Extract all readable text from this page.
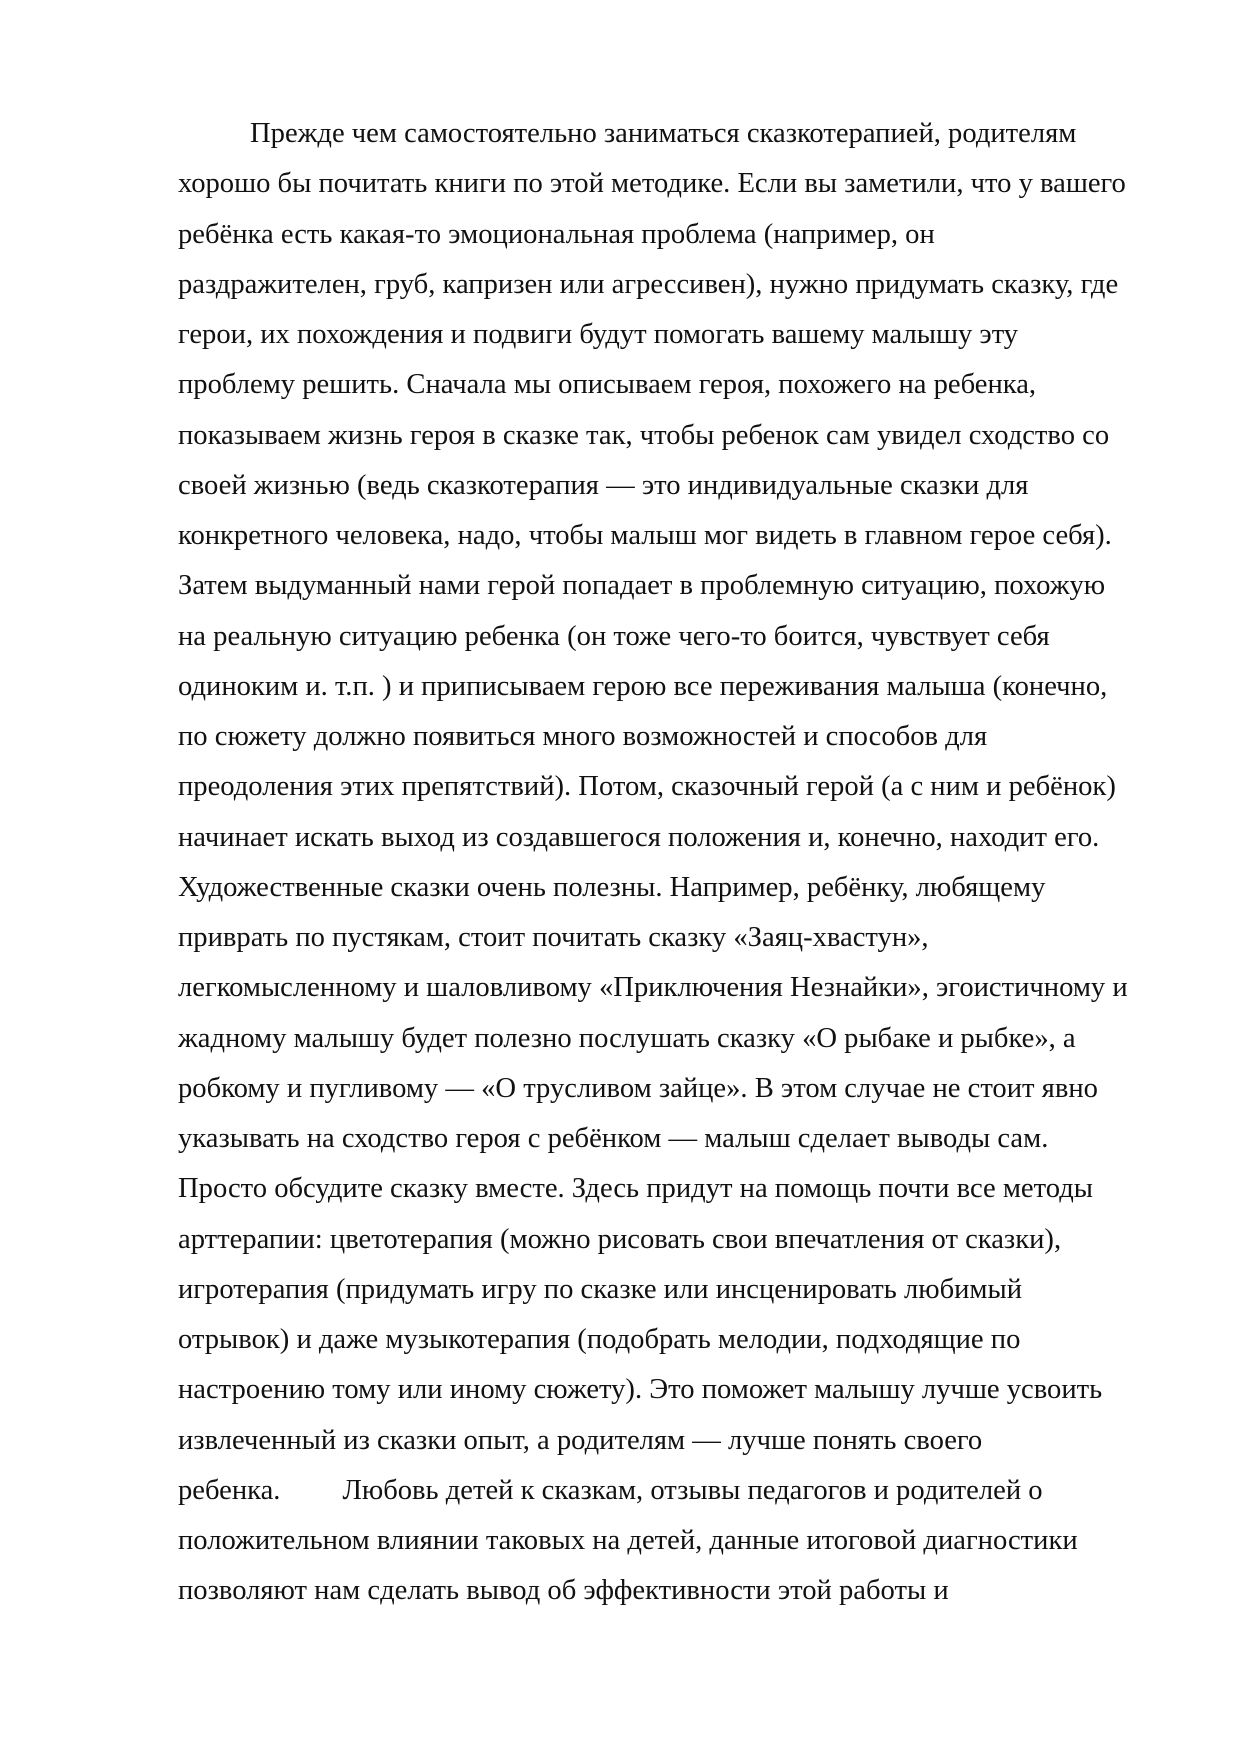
Прежде чем самостоятельно заниматься сказкотерапией, родителям
хорошо бы почитать книги по этой методике. Если вы заметили, что у вашего
ребёнка есть какая-то эмоциональная проблема (например, он
раздражителен, груб, капризен или агрессивен), нужно придумать сказку, где
герои, их похождения и подвиги будут помогать вашему малышу эту
проблему решить. Сначала мы описываем героя, похожего на ребенка,
показываем жизнь героя в сказке так, чтобы ребенок сам увидел сходство со
своей жизнью (ведь сказкотерапия — это индивидуальные сказки для
конкретного человека, надо, чтобы малыш мог видеть в главном герое себя).
Затем выдуманный нами герой попадает в проблемную ситуацию, похожую
на реальную ситуацию ребенка (он тоже чего-то боится, чувствует себя
одиноким и. т.п. ) и приписываем герою все переживания малыша (конечно,
по сюжету должно появиться много возможностей и способов для
преодоления этих препятствий). Потом, сказочный герой (а с ним и ребёнок)
начинает искать выход из создавшегося положения и, конечно, находит его.
Художественные сказки очень полезны. Например, ребёнку, любящему
приврать по пустякам, стоит почитать сказку «Заяц-хвастун»,
легкомысленному и шаловливому «Приключения Незнайки», эгоистичному и
жадному малышу будет полезно послушать сказку «О рыбаке и рыбке», а
робкому и пугливому — «О трусливом зайце». В этом случае не стоит явно
указывать на сходство героя с ребёнком — малыш сделает выводы сам.
Просто обсудите сказку вместе. Здесь придут на помощь почти все методы
арттерапии: цветотерапия (можно рисовать свои впечатления от сказки),
игротерапия (придумать игру по сказке или инсценировать любимый
отрывок) и даже музыкотерапия (подобрать мелодии, подходящие по
настроению тому или иному сюжету). Это поможет малышу лучше усвоить
извлеченный из сказки опыт, а родителям — лучше понять своего
ребенка. Любовь детей к сказкам, отзывы педагогов и родителей о
положительном влиянии таковых на детей, данные итоговой диагностики
позволяют нам сделать вывод об эффективности этой работы и
